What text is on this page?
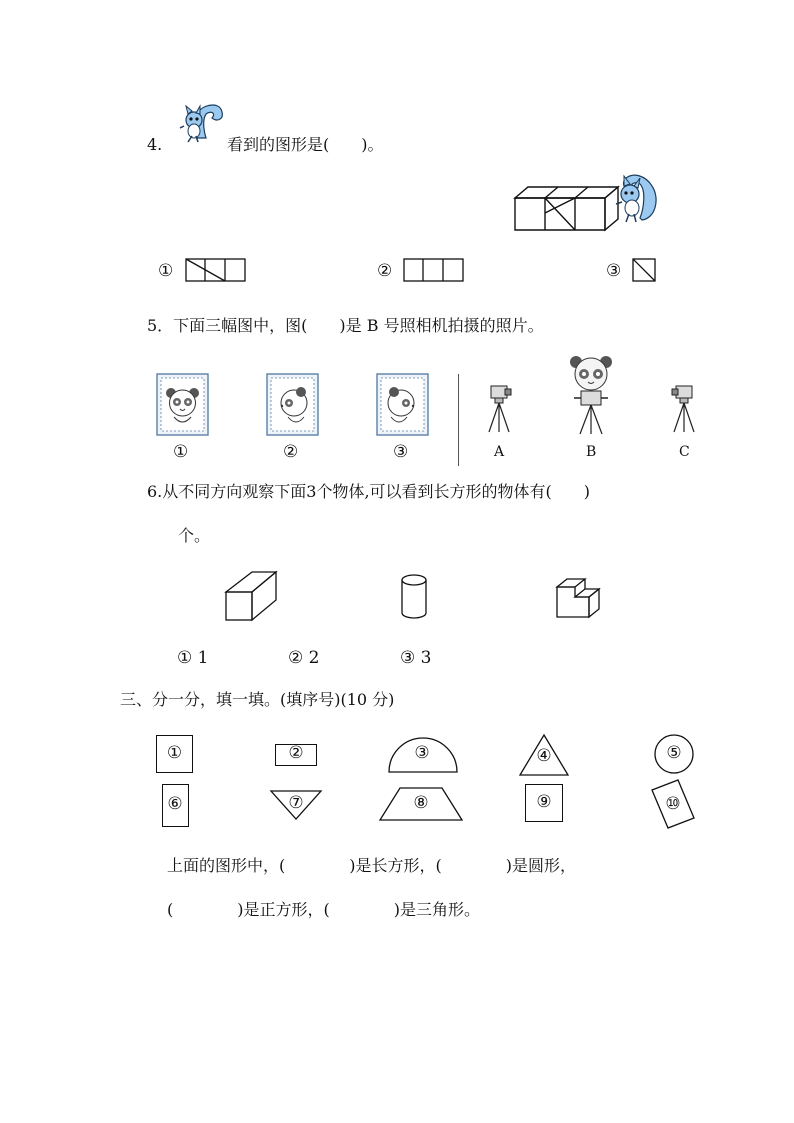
4.	看到的图形是(　　)。
①	②	③
5．下面三幅图中，图(　　)是 B 号照相机拍摄的照片。
①	②	③	A	B	C
6.从不同方向观察下面3个物体,可以看到长方形的物体有(　　)
个。
① 1	② 2	③ 3
三、分一分，填一填。(填序号)(10 分)
①	②	③	④	⑤
⑥	⑦	⑧	⑨	⑩
上面的图形中，(　　　　)是长方形，(　　　　)是圆形，
(　　　　)是正方形，(　　　　)是三角形。
